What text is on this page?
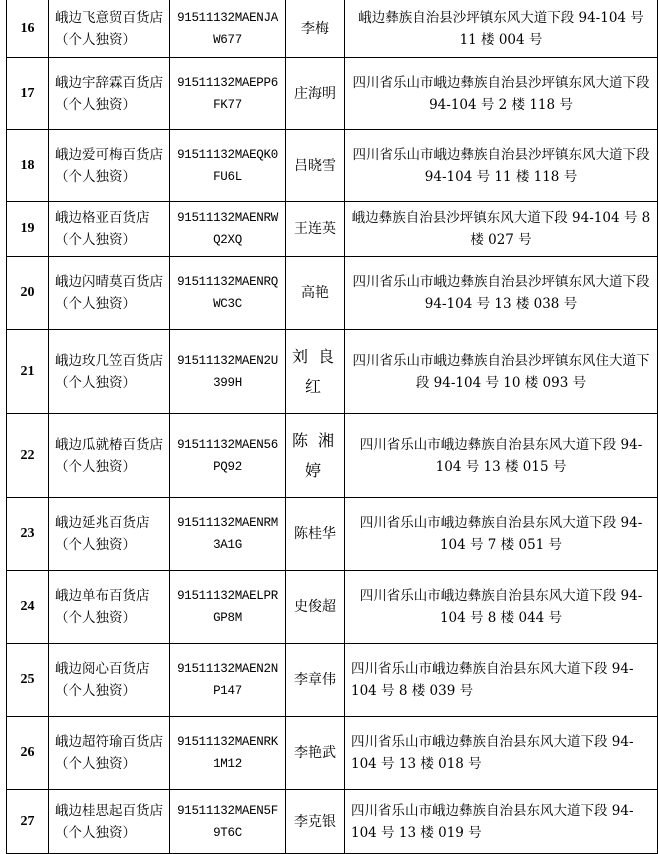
16	峨边飞意贸百货店（个人独资）	91511132MAENJAW677	李梅	峨边彝族自治县沙坪镇东风大道下段 94-104 号 11 楼 004 号
17	峨边宇辞霖百货店（个人独资）	91511132MAEPP6FK77	庄海明	四川省乐山市峨边彝族自治县沙坪镇东风大道下段 94-104 号 2 楼 118 号
18	峨边爱可梅百货店（个人独资）	91511132MAEQK0FU6L	吕晓雪	四川省乐山市峨边彝族自治县沙坪镇东风大道下段 94-104 号 11 楼 118 号
19	峨边格亚百货店（个人独资）	91511132MAENRWQ2XQ	王连英	峨边彝族自治县沙坪镇东风大道下段 94-104 号 8 楼 027 号
20	峨边闪晴莫百货店（个人独资）	91511132MAENRQWC3C	高艳	四川省乐山市峨边彝族自治县沙坪镇东风大道下段 94-104 号 13 楼 038 号
21	峨边玫几笠百货店（个人独资）	91511132MAEN2U399H	刘良红	四川省乐山市峨边彝族自治县沙坪镇东风住大道下段 94-104 号 10 楼 093 号
22	峨边瓜就椿百货店（个人独资）	91511132MAEN56PQ92	陈湘婷	四川省乐山市峨边彝族自治县东风大道下段 94-104 号 13 楼 015 号
23	峨边延兆百货店（个人独资）	91511132MAENRM3A1G	陈桂华	四川省乐山市峨边彝族自治县东风大道下段 94-104 号 7 楼 051 号
24	峨边单布百货店（个人独资）	91511132MAELPRGP8M	史俊超	四川省乐山市峨边彝族自治县东风大道下段 94-104 号 8 楼 044 号
25	峨边阅心百货店（个人独资）	91511132MAEN2NP147	李章伟	四川省乐山市峨边彝族自治县东风大道下段 94-104 号 8 楼 039 号
26	峨边超符瑜百货店（个人独资）	91511132MAENRK1M12	李艳武	四川省乐山市峨边彝族自治县东风大道下段 94-104 号 13 楼 018 号
27	峨边桂思起百货店（个人独资）	91511132MAEN5F9T6C	李克银	四川省乐山市峨边彝族自治县东风大道下段 94-104 号 13 楼 019 号
